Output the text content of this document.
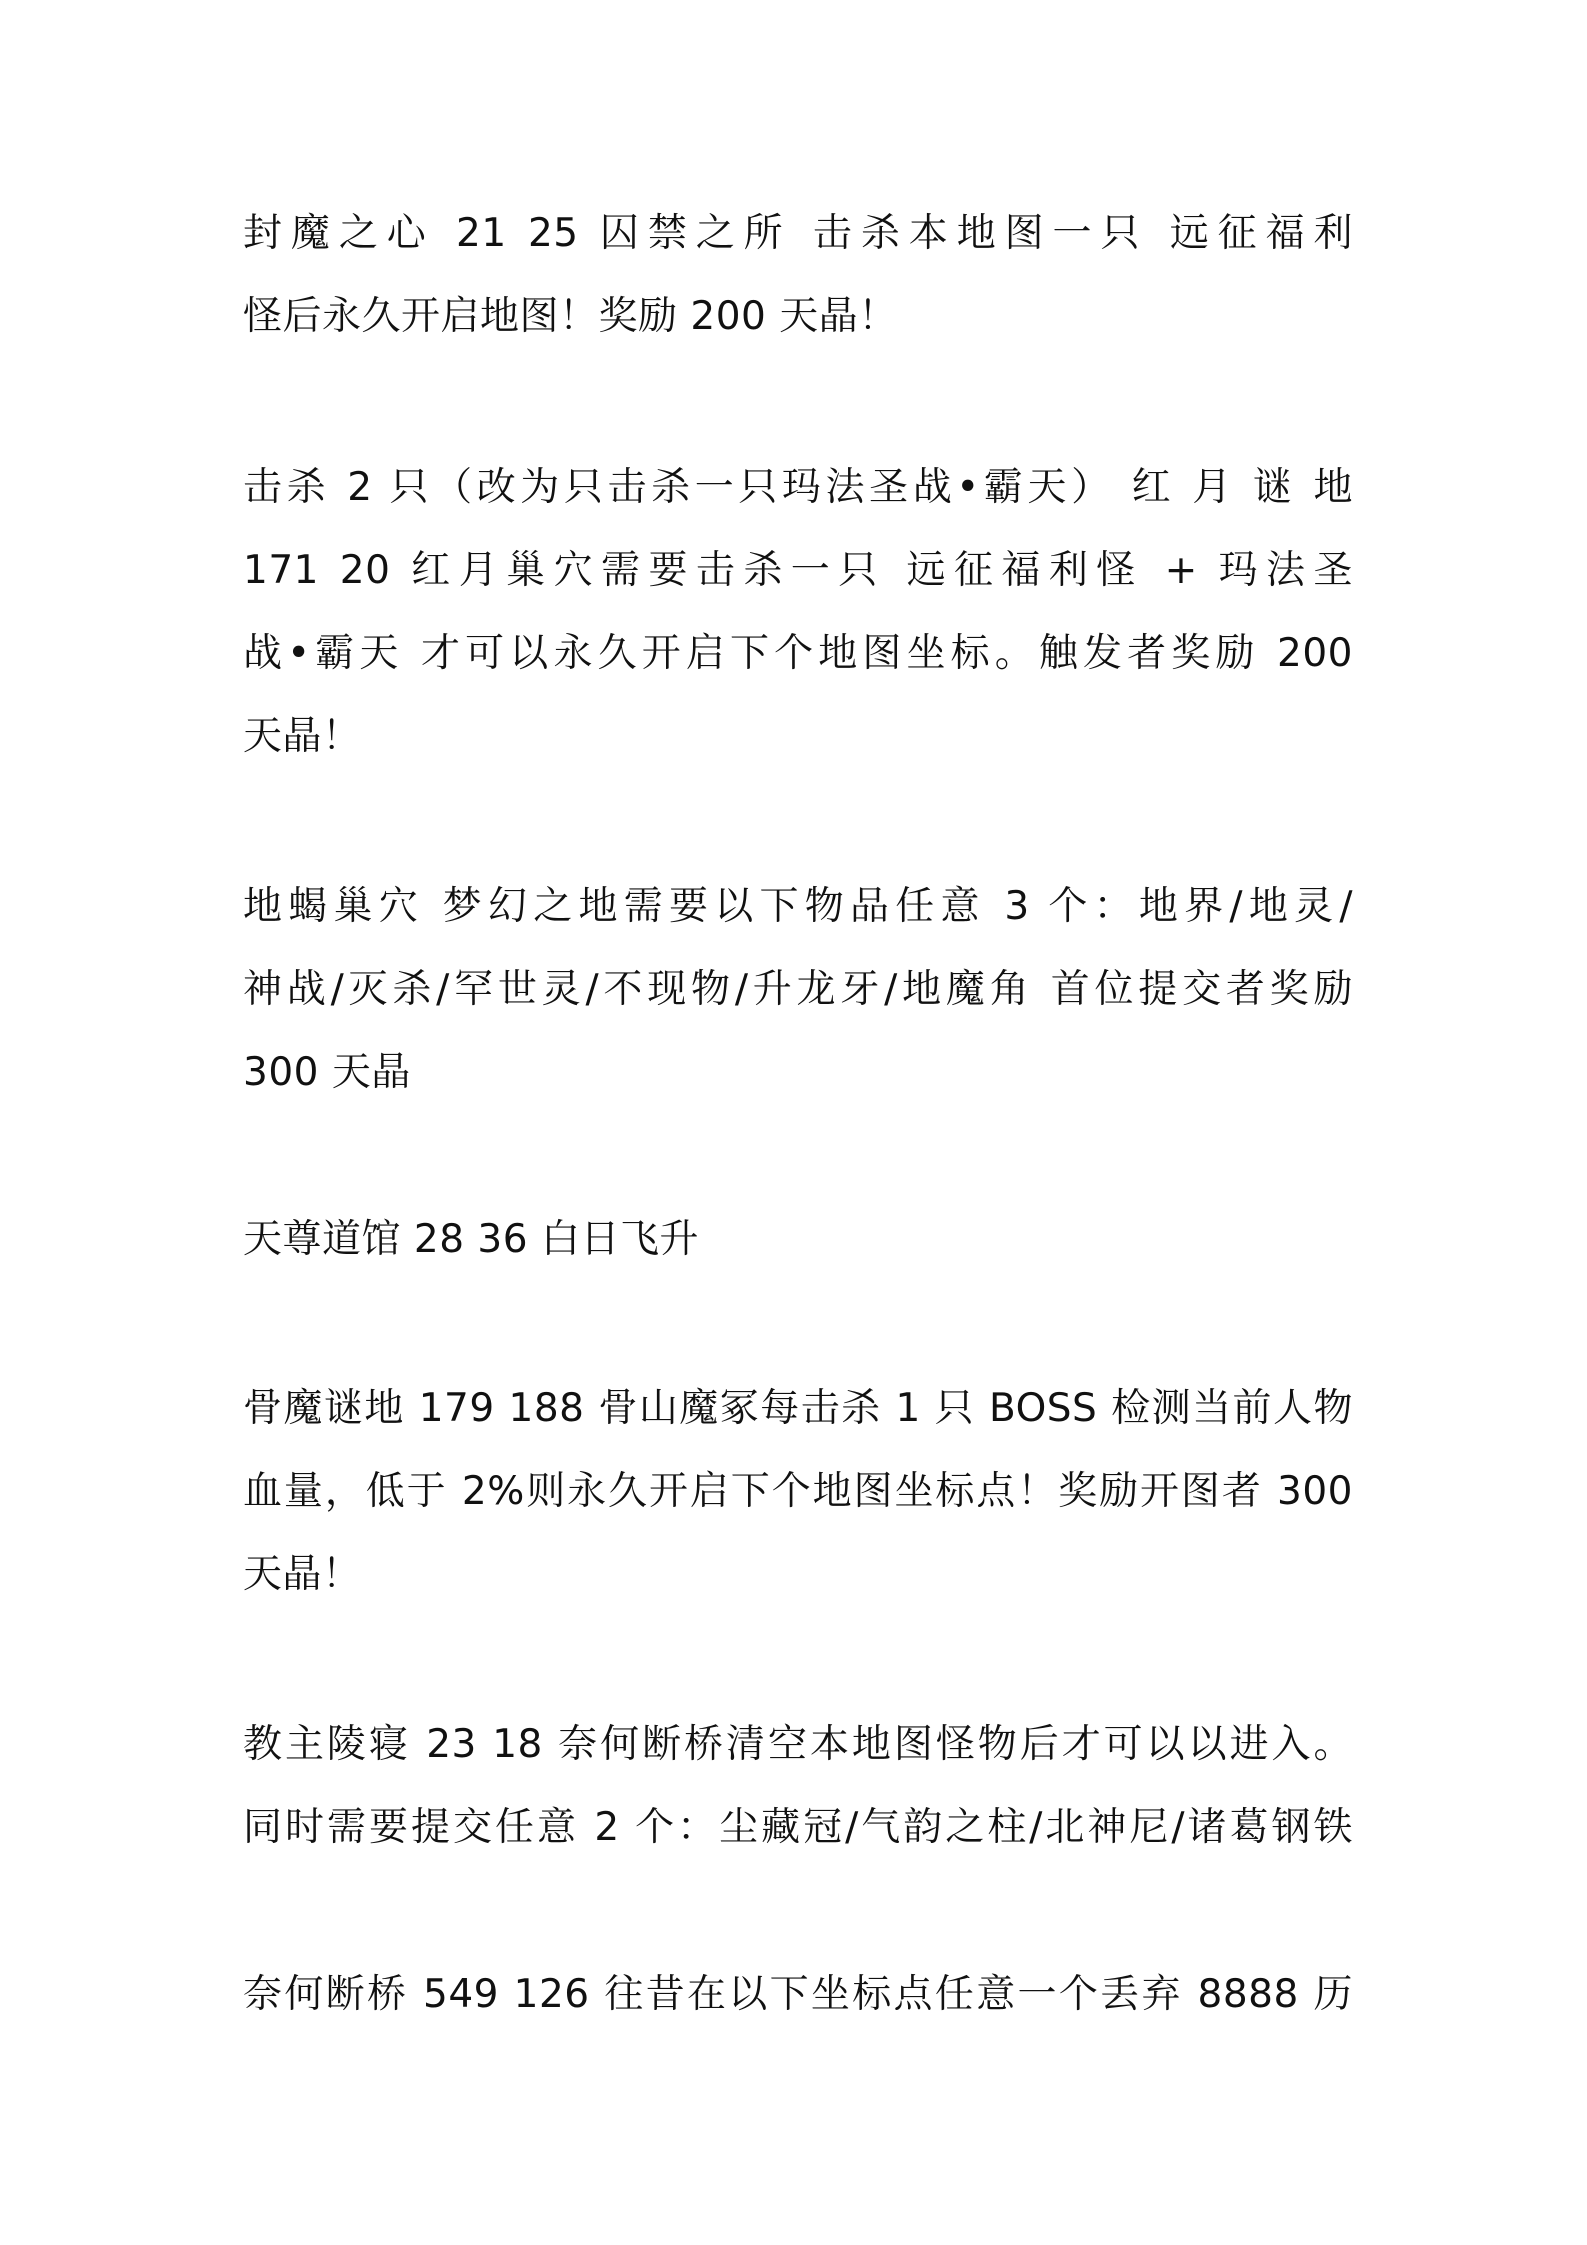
封魔之心 21 25 囚禁之所 击杀本地图一只 远征福利
怪后永久开启地图！奖励 200 天晶！
击杀 2 只（改为只击杀一只玛法圣战•霸天） 红 月 谜 地
171 20 红月巢穴需要击杀一只 远征福利怪 + 玛法圣
战•霸天 才可以永久开启下个地图坐标。触发者奖励 200
天晶！
地蝎巢穴 梦幻之地需要以下物品任意 3 个：地界/地灵/
神战/灭杀/罕世灵/不现物/升龙牙/地魔角 首位提交者奖励
300 天晶
天尊道馆 28 36 白日飞升
骨魔谜地 179 188 骨山魔冢每击杀 1 只 BOSS 检测当前人物
血量，低于 2%则永久开启下个地图坐标点！奖励开图者 300
天晶！
教主陵寝 23 18 奈何断桥清空本地图怪物后才可以以进入。
同时需要提交任意 2 个：尘藏冠/气韵之柱/北神尼/诸葛钢铁
奈何断桥 549 126 往昔在以下坐标点任意一个丢弃 8888 历
